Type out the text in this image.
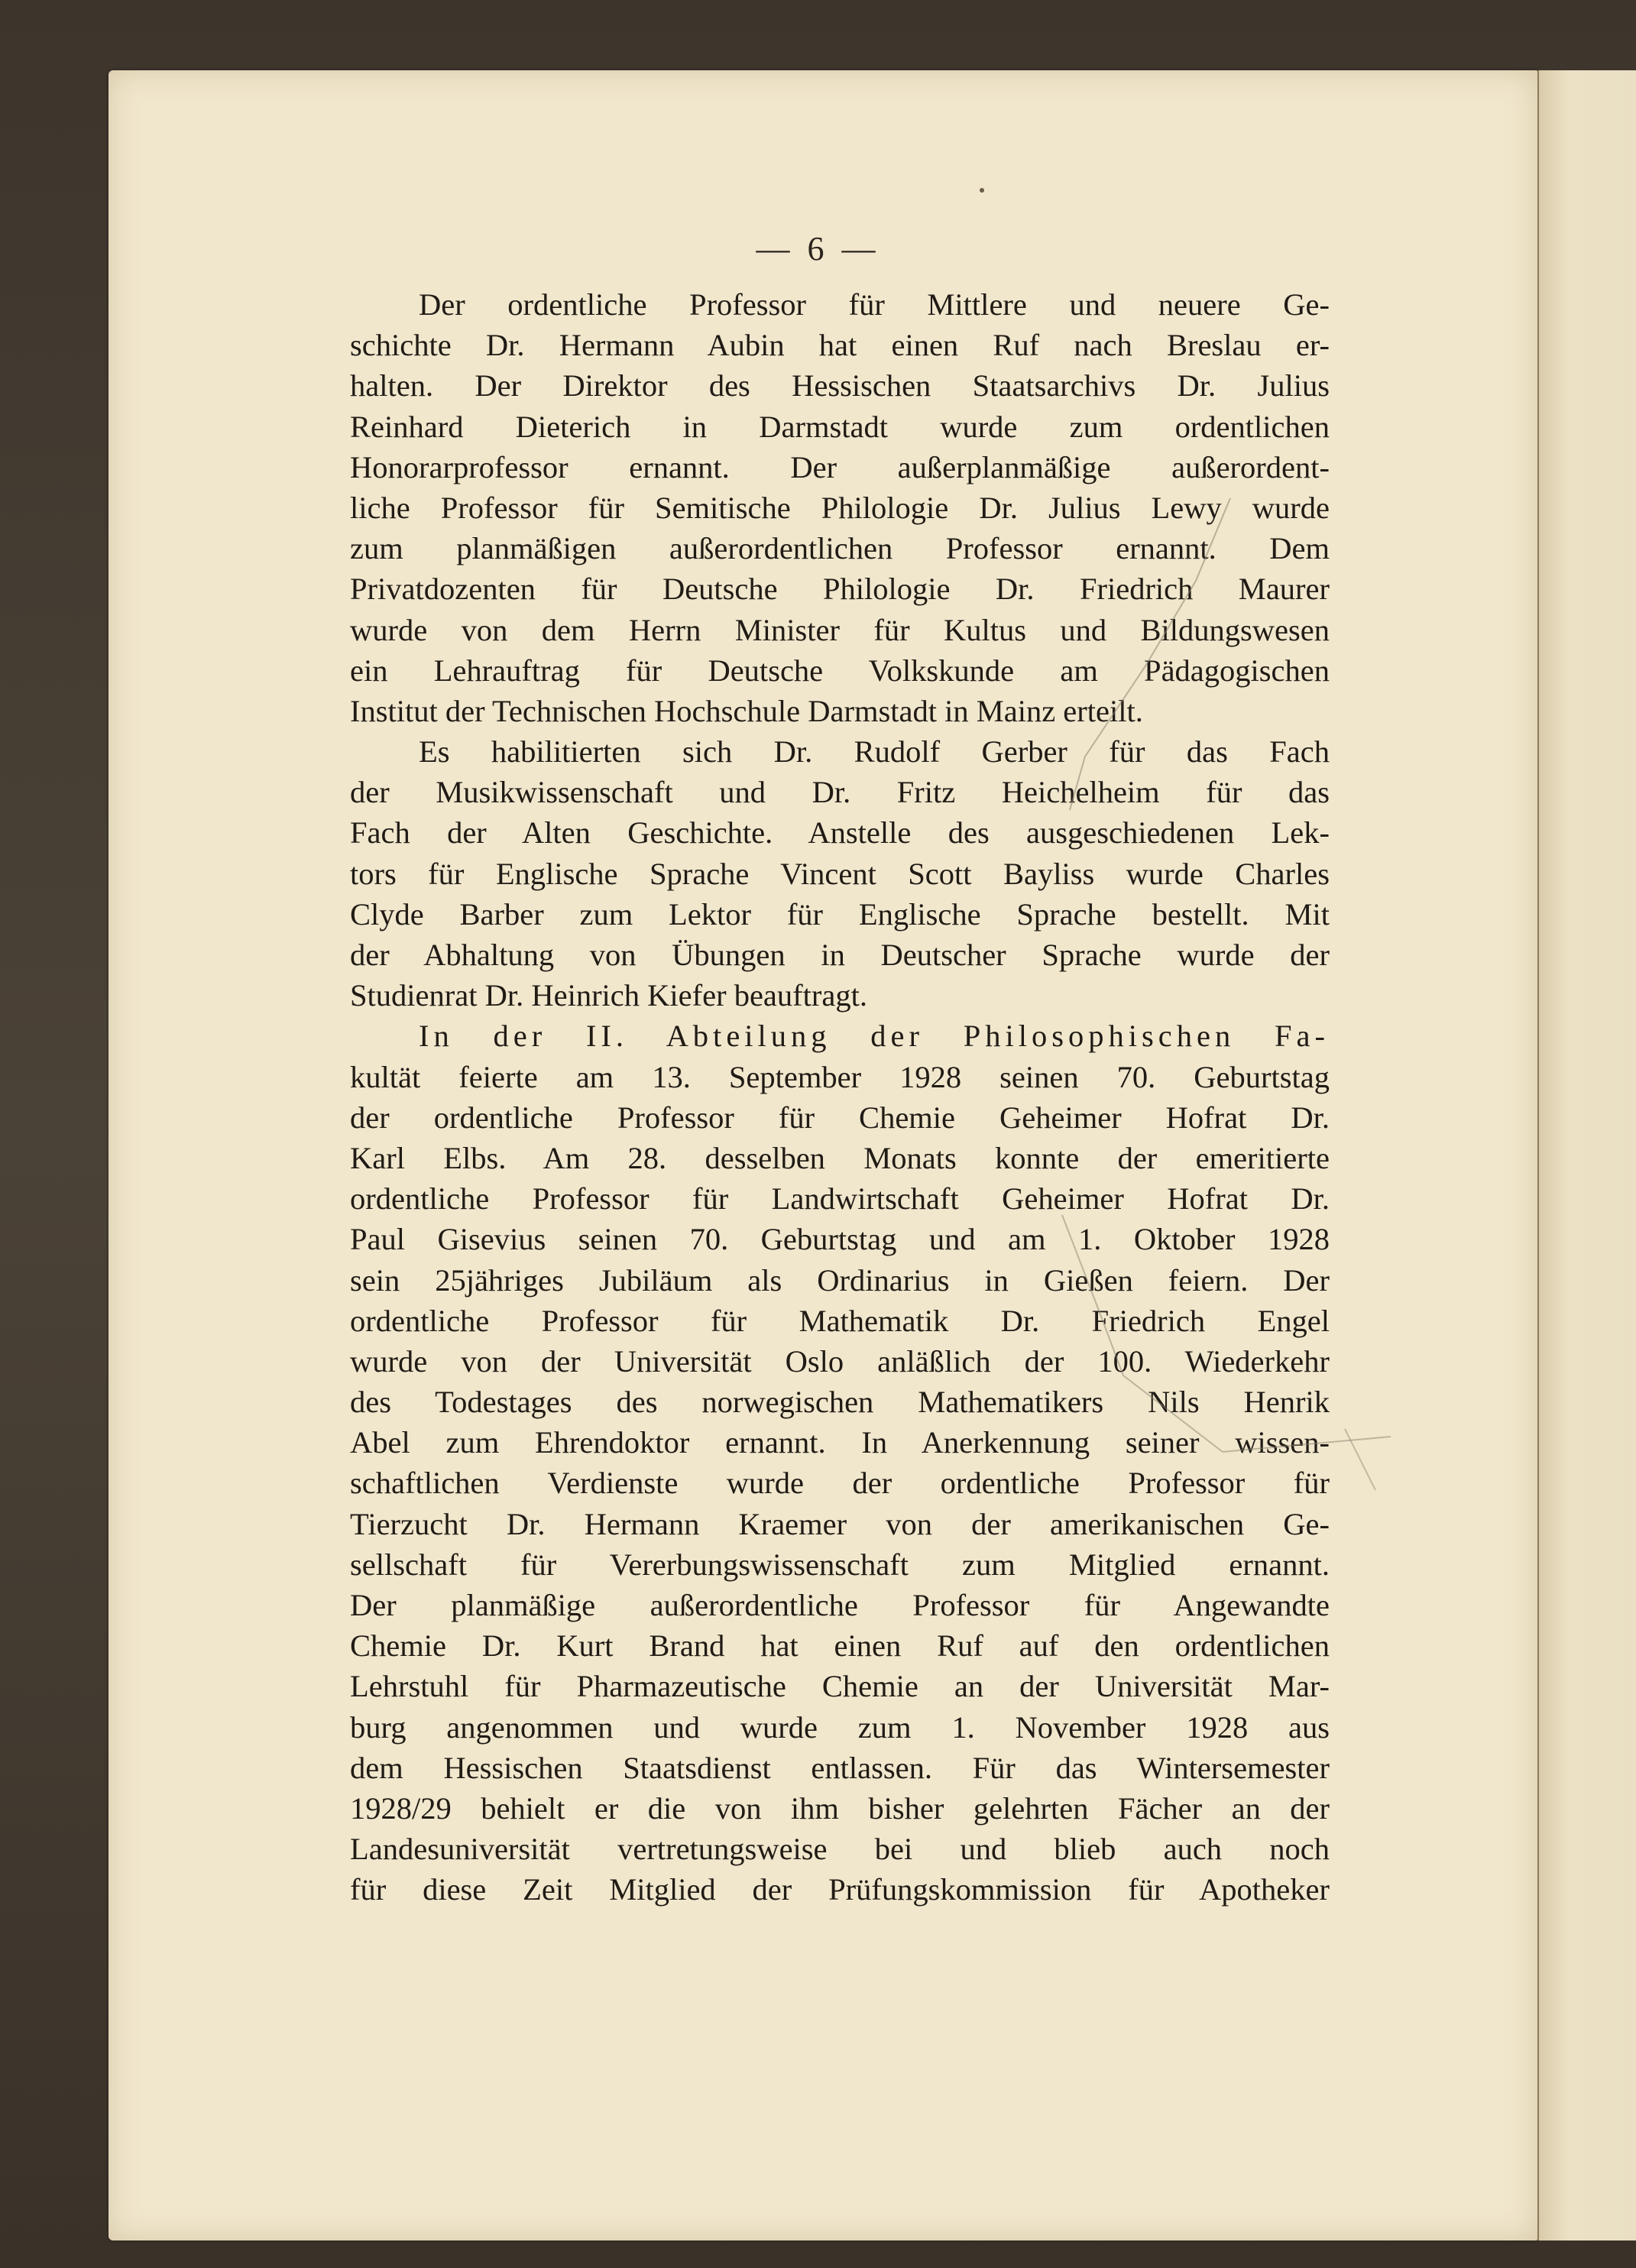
— 6 —
Der ordentliche Professor für Mittlere und neuere Ge-
schichte Dr. Hermann Aubin hat einen Ruf nach Breslau er-
halten. Der Direktor des Hessischen Staatsarchivs Dr. Julius
Reinhard Dieterich in Darmstadt wurde zum ordentlichen
Honorarprofessor ernannt. Der außerplanmäßige außerordent-
liche Professor für Semitische Philologie Dr. Julius Lewy wurde
zum planmäßigen außerordentlichen Professor ernannt. Dem
Privatdozenten für Deutsche Philologie Dr. Friedrich Maurer
wurde von dem Herrn Minister für Kultus und Bildungswesen
ein Lehrauftrag für Deutsche Volkskunde am Pädagogischen
Institut der Technischen Hochschule Darmstadt in Mainz erteilt.
Es habilitierten sich Dr. Rudolf Gerber für das Fach
der Musikwissenschaft und Dr. Fritz Heichelheim für das
Fach der Alten Geschichte. Anstelle des ausgeschiedenen Lek-
tors für Englische Sprache Vincent Scott Bayliss wurde Charles
Clyde Barber zum Lektor für Englische Sprache bestellt. Mit
der Abhaltung von Übungen in Deutscher Sprache wurde der
Studienrat Dr. Heinrich Kiefer beauftragt.
In der II. Abteilung der Philosophischen Fa-
kultät feierte am 13. September 1928 seinen 70. Geburtstag
der ordentliche Professor für Chemie Geheimer Hofrat Dr.
Karl Elbs. Am 28. desselben Monats konnte der emeritierte
ordentliche Professor für Landwirtschaft Geheimer Hofrat Dr.
Paul Gisevius seinen 70. Geburtstag und am 1. Oktober 1928
sein 25jähriges Jubiläum als Ordinarius in Gießen feiern. Der
ordentliche Professor für Mathematik Dr. Friedrich Engel
wurde von der Universität Oslo anläßlich der 100. Wiederkehr
des Todestages des norwegischen Mathematikers Nils Henrik
Abel zum Ehrendoktor ernannt. In Anerkennung seiner wissen-
schaftlichen Verdienste wurde der ordentliche Professor für
Tierzucht Dr. Hermann Kraemer von der amerikanischen Ge-
sellschaft für Vererbungswissenschaft zum Mitglied ernannt.
Der planmäßige außerordentliche Professor für Angewandte
Chemie Dr. Kurt Brand hat einen Ruf auf den ordentlichen
Lehrstuhl für Pharmazeutische Chemie an der Universität Mar-
burg angenommen und wurde zum 1. November 1928 aus
dem Hessischen Staatsdienst entlassen. Für das Wintersemester
1928/29 behielt er die von ihm bisher gelehrten Fächer an der
Landesuniversität vertretungsweise bei und blieb auch noch
für diese Zeit Mitglied der Prüfungskommission für Apotheker
